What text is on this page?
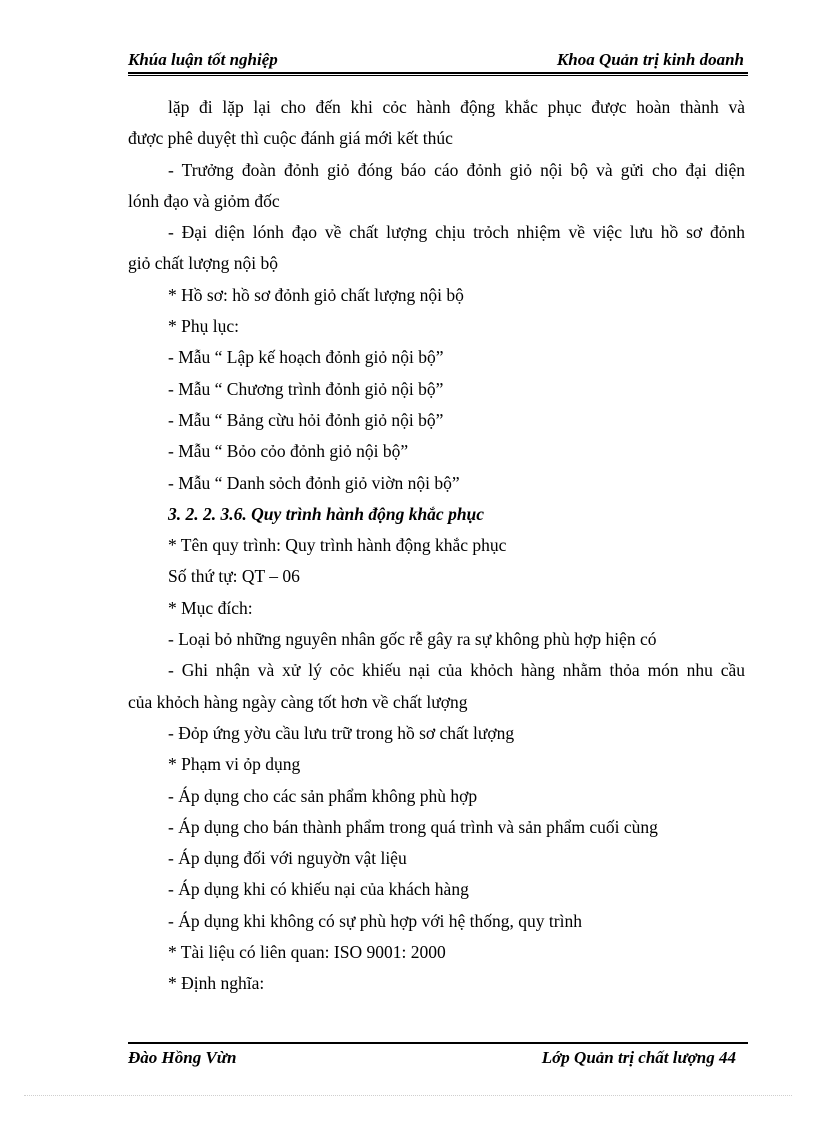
Khúa luận tốt nghiệp	Khoa Quản trị kinh doanh

lặp đi lặp lại cho đến khi cỏc hành động khắc phục được hoàn thành và

được phê duyệt thì cuộc đánh giá mới kết thúc

- Trưởng đoàn đỏnh giỏ đóng báo cáo đỏnh giỏ nội bộ và gửi cho đại diện

lónh đạo và giỏm đốc

- Đại diện lónh đạo về chất lượng chịu trỏch nhiệm về việc lưu hồ sơ đỏnh

giỏ chất lượng nội bộ

* Hồ sơ: hồ sơ đỏnh giỏ chất lượng nội bộ

* Phụ lục:

- Mẫu “ Lập kế hoạch đỏnh giỏ nội bộ”

- Mẫu “ Chương trình đỏnh giỏ nội bộ”

- Mẫu “ Bảng cừu hỏi đỏnh giỏ nội bộ”

- Mẫu “ Bỏo cỏo đỏnh giỏ nội bộ”

- Mẫu “ Danh sỏch đỏnh giỏ viờn nội bộ”

3. 2. 2. 3.6. Quy trình hành động khắc phục

* Tên quy trình: Quy trình hành động khắc phục

Số thứ tự: QT – 06

* Mục đích:

- Loại bỏ những nguyên nhân gốc rễ gây ra sự không phù hợp hiện có

- Ghi nhận và xử lý cỏc khiếu nại của khỏch hàng nhằm thỏa món nhu cầu

của khỏch hàng ngày càng tốt hơn về chất lượng

- Đỏp ứng yờu cầu lưu trữ trong hồ sơ chất lượng

* Phạm vi ỏp dụng

- Áp dụng cho các sản phẩm không phù hợp

- Áp dụng cho bán thành phẩm trong quá trình và sản phẩm cuối cùng

- Áp dụng đối với nguyờn vật liệu

- Áp dụng khi có khiếu nại của khách hàng

- Áp dụng khi không có sự phù hợp với hệ thống, quy trình

* Tài liệu có liên quan: ISO 9001: 2000

* Định nghĩa:

Đào Hồng Vừn	Lớp Quản trị chất lượng 44
